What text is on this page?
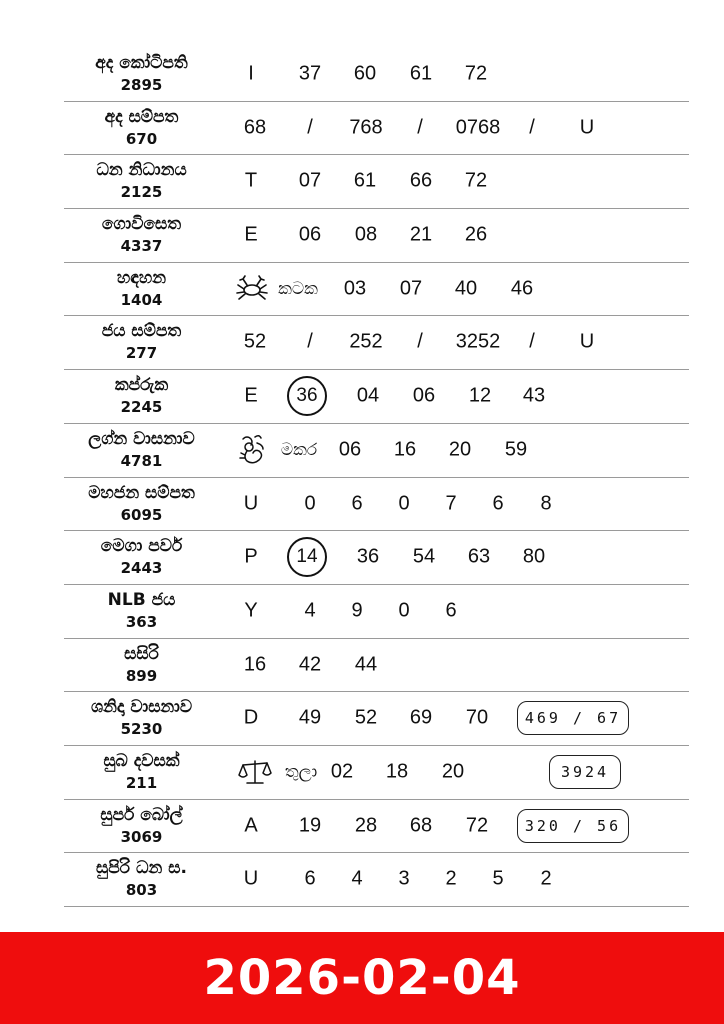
අද කෝටිපති
2895
I 37 60 61 72
අද සම්පත
670
68 / 768 / 0768 / U
ධන නිධානය
2125
T 07 61 66 72
ගොවිසෙත
4337
E 06 08 21 26
හඳහන
1404
කටක 03 07 40 46
ජය සම්පත
277
52 / 252 / 3252 / U
කප්රුක
2245
E 36 04 06 12 43
ලග්න වාසනාව
4781
මකර 06 16 20 59
මහජන සම්පත
6095
U 0 6 0 7 6 8
මෙගා පවර්
2443
P 14 36 54 63 80
NLB ජය
363
Y 4 9 0 6
සසිරි
899
16 42 44
ශනිදා වාසනාව
5230
D 49 52 69 70 469 / 67
සුබ දවසක්
211
තුලා 02 18 20	3924
සුපර් බෝල්
3069
A 19 28 68 72 320 / 56
සුපිරි ධන ස.
803
U 6 4 3 2 5 2
2026-02-04
